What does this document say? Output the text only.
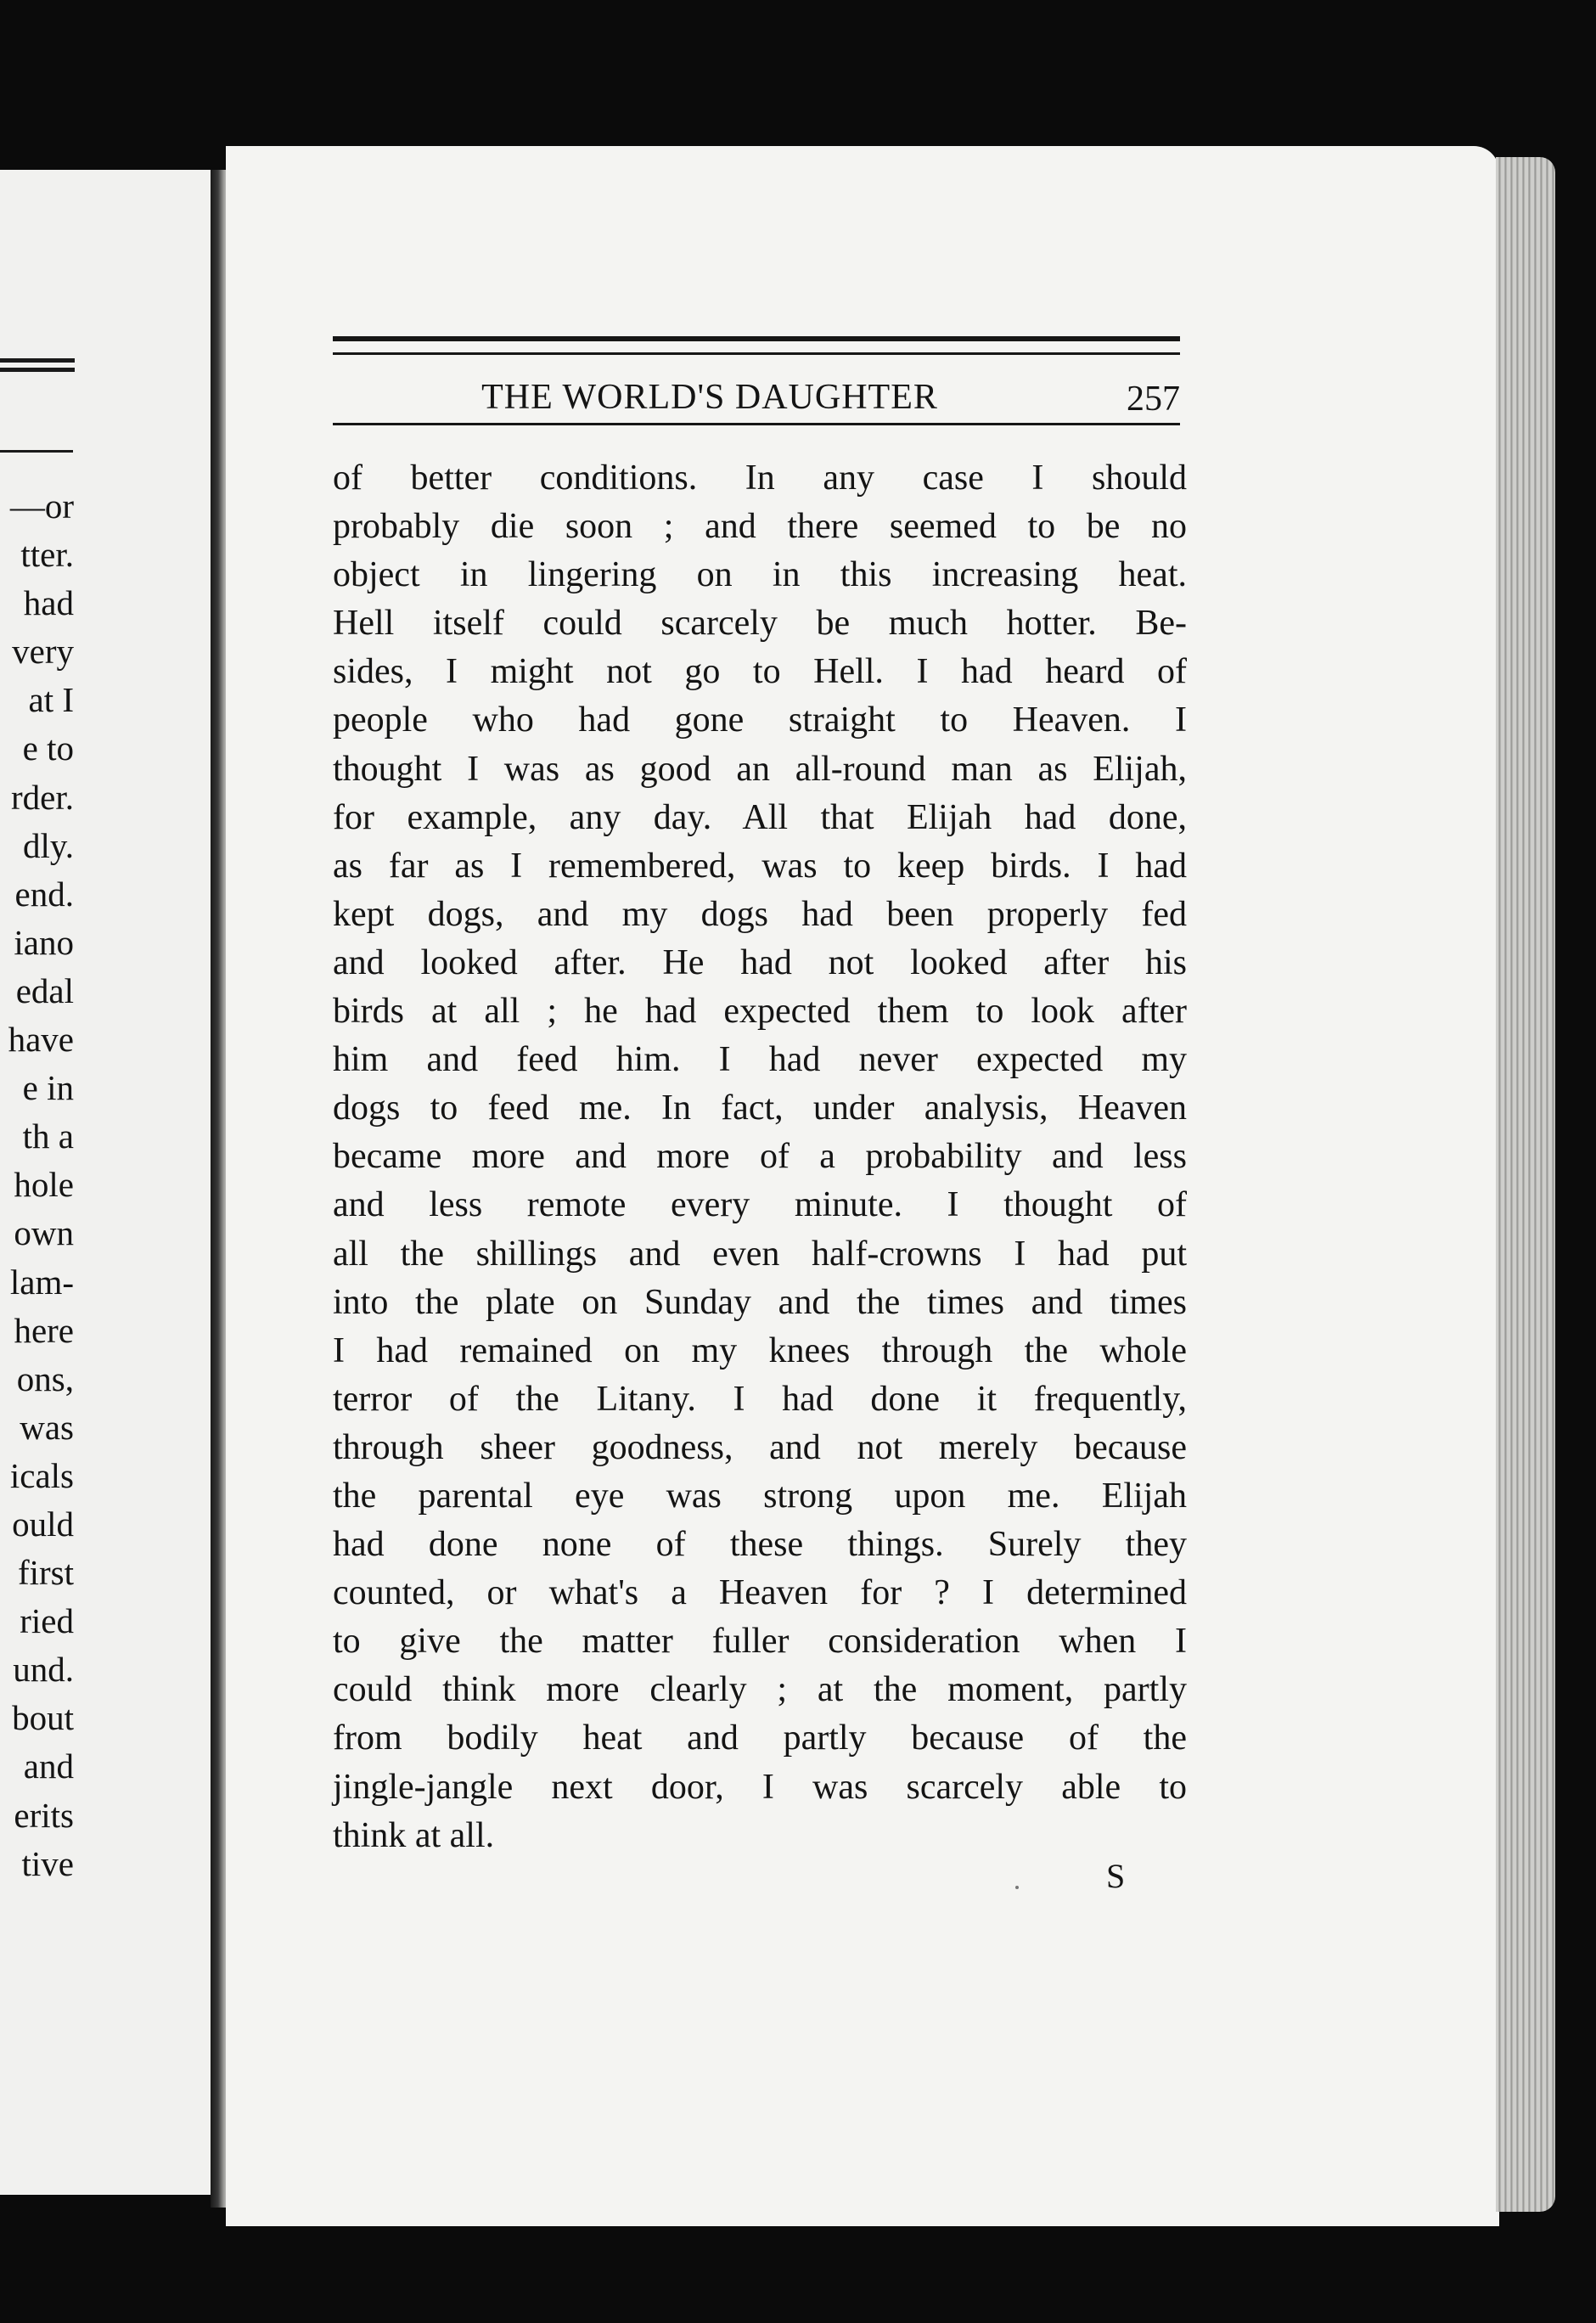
—or
tter.
had
very
at I
e to
rder.
dly.
end.
iano
edal
have
e in
th a
hole
own
lam-
here
ons,
was
icals
ould
first
ried
und.
bout
and
erits
tive
THE WORLD'S DAUGHTER	257
of better conditions. In any case I should
probably die soon ; and there seemed to be no
object in lingering on in this increasing heat.
Hell itself could scarcely be much hotter. Be-
sides, I might not go to Hell. I had heard of
people who had gone straight to Heaven. I
thought I was as good an all-round man as Elijah,
for example, any day. All that Elijah had done,
as far as I remembered, was to keep birds. I had
kept dogs, and my dogs had been properly fed
and looked after. He had not looked after his
birds at all ; he had expected them to look after
him and feed him. I had never expected my
dogs to feed me. In fact, under analysis, Heaven
became more and more of a probability and less
and less remote every minute. I thought of
all the shillings and even half-crowns I had put
into the plate on Sunday and the times and times
I had remained on my knees through the whole
terror of the Litany. I had done it frequently,
through sheer goodness, and not merely because
the parental eye was strong upon me. Elijah
had done none of these things. Surely they
counted, or what's a Heaven for ? I determined
to give the matter fuller consideration when I
could think more clearly ; at the moment, partly
from bodily heat and partly because of the
jingle-jangle next door, I was scarcely able to
think at all.
S
